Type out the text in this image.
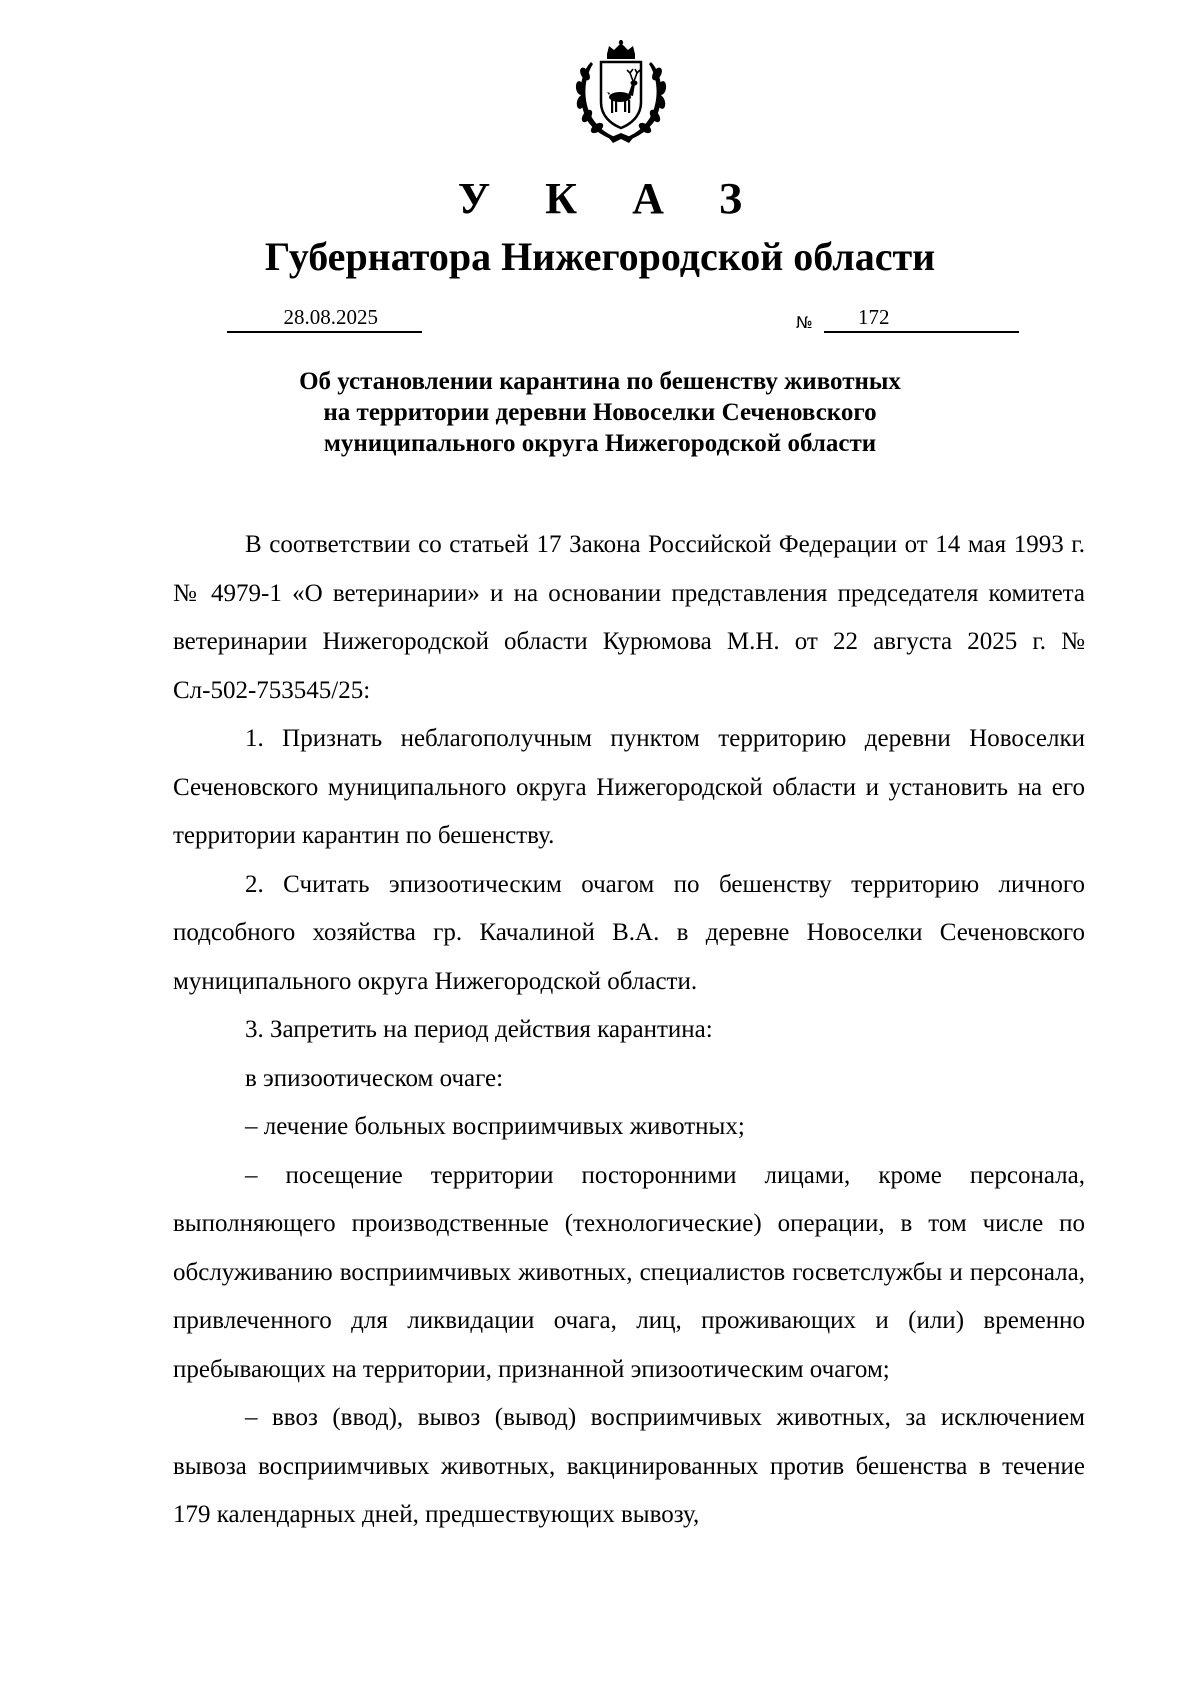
У К А З
Губернатора Нижегородской области
28.08.2025	№	172
Об установлении карантина по бешенству животных
на территории деревни Новоселки Сеченовского
муниципального округа Нижегородской области

В соответствии со статьей 17 Закона Российской Федерации от 14 мая 1993 г. № 4979-1 «О ветеринарии» и на основании представления председателя комитета ветеринарии Нижегородской области Курюмова М.Н. от 22 августа 2025 г. № Сл-502-753545/25:

1. Признать неблагополучным пунктом территорию деревни Новоселки Сеченовского муниципального округа Нижегородской области и установить на его территории карантин по бешенству.

2. Считать эпизоотическим очагом по бешенству территорию личного подсобного хозяйства гр. Качалиной В.А. в деревне Новоселки Сеченовского муниципального округа Нижегородской области.

3. Запретить на период действия карантина:

в эпизоотическом очаге:

– лечение больных восприимчивых животных;

– посещение территории посторонними лицами, кроме персонала, выполняющего производственные (технологические) операции, в том числе по обслуживанию восприимчивых животных, специалистов госветслужбы и персонала, привлеченного для ликвидации очага, лиц, проживающих и (или) временно пребывающих на территории, признанной эпизоотическим очагом;

– ввоз (ввод), вывоз (вывод) восприимчивых животных, за исключением вывоза восприимчивых животных, вакцинированных против бешенства в течение 179 календарных дней, предшествующих вывозу,
